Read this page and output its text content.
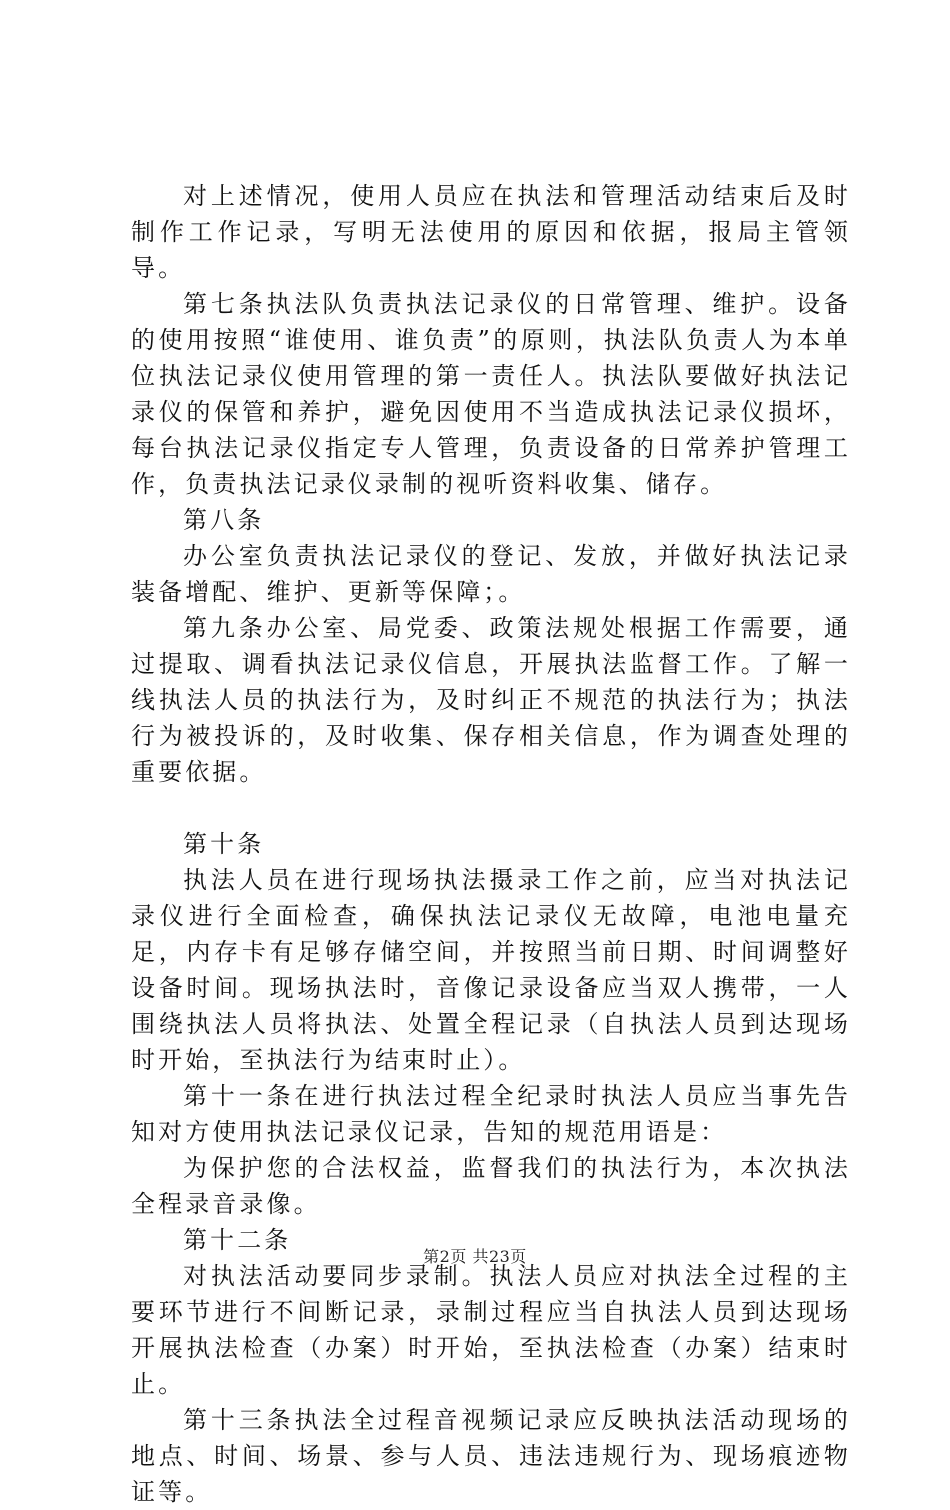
对上述情况，使用人员应在执法和管理活动结束后及时制作工作记录，写明无法使用的原因和依据，报局主管领导。

第七条执法队负责执法记录仪的日常管理、维护。设备的使用按照“谁使用、谁负责”的原则，执法队负责人为本单位执法记录仪使用管理的第一责任人。执法队要做好执法记录仪的保管和养护，避免因使用不当造成执法记录仪损坏，每台执法记录仪指定专人管理，负责设备的日常养护管理工作，负责执法记录仪录制的视听资料收集、储存。

第八条

办公室负责执法记录仪的登记、发放，并做好执法记录装备增配、维护、更新等保障；。

第九条办公室、局党委、政策法规处根据工作需要，通过提取、调看执法记录仪信息，开展执法监督工作。了解一线执法人员的执法行为，及时纠正不规范的执法行为；执法行为被投诉的，及时收集、保存相关信息，作为调查处理的重要依据。

第十条

执法人员在进行现场执法摄录工作之前，应当对执法记录仪进行全面检查，确保执法记录仪无故障，电池电量充足，内存卡有足够存储空间，并按照当前日期、时间调整好设备时间。现场执法时，音像记录设备应当双人携带，一人围绕执法人员将执法、处置全程记录（自执法人员到达现场时开始，至执法行为结束时止）。

第十一条在进行执法过程全纪录时执法人员应当事先告知对方使用执法记录仪记录，告知的规范用语是：

为保护您的合法权益，监督我们的执法行为，本次执法全程录音录像。

第十二条

对执法活动要同步录制。执法人员应对执法全过程的主要环节进行不间断记录，录制过程应当自执法人员到达现场开展执法检查（办案）时开始，至执法检查（办案）结束时止。

第十三条执法全过程音视频记录应反映执法活动现场的地点、时间、场景、参与人员、违法违规行为、现场痕迹物证等。

第2页 共23页
